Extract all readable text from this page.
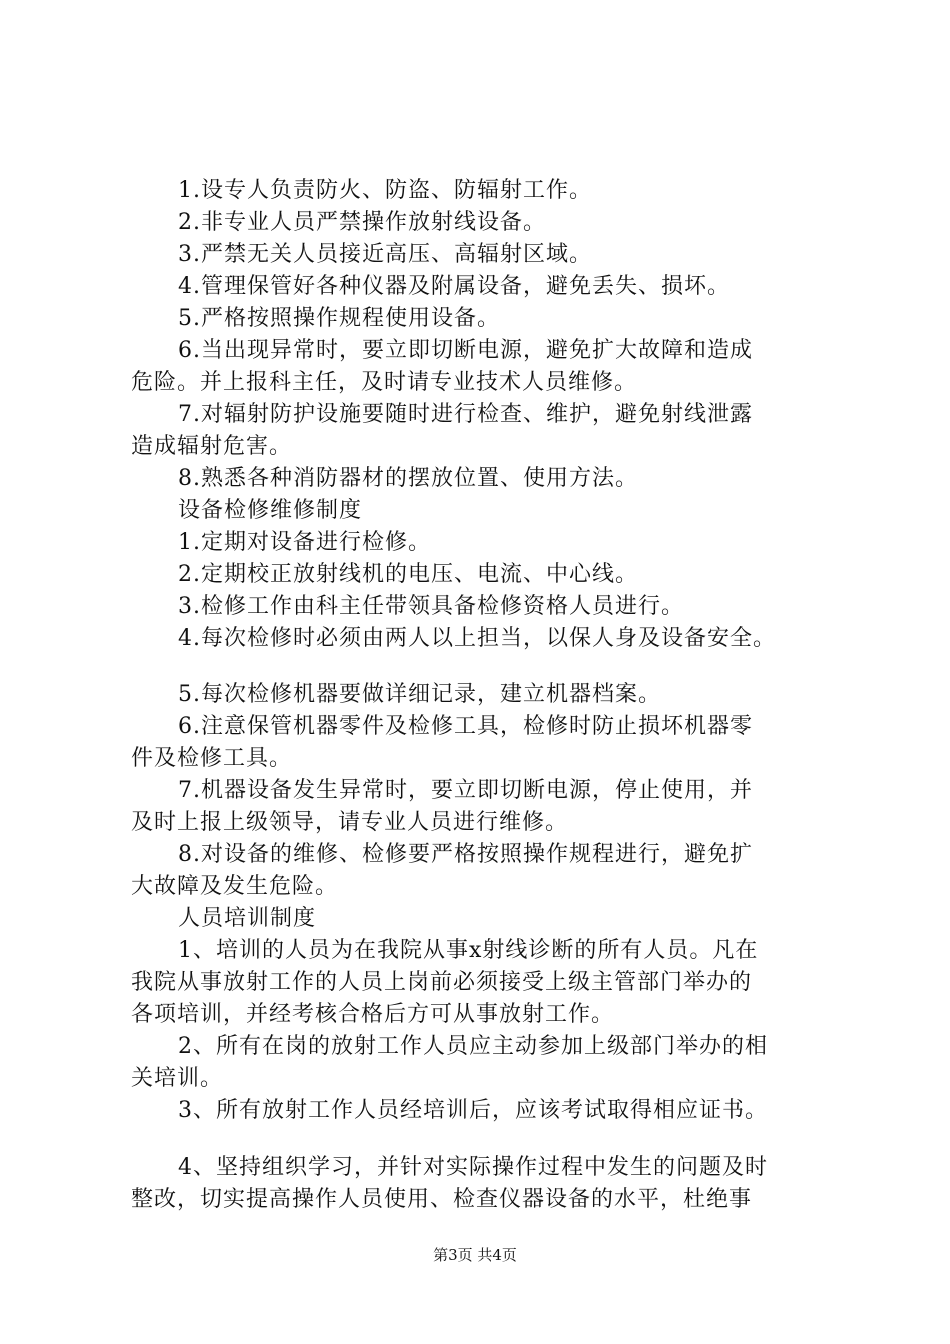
1.设专人负责防火、防盗、防辐射工作。
2.非专业人员严禁操作放射线设备。
3.严禁无关人员接近高压、高辐射区域。
4.管理保管好各种仪器及附属设备，避免丢失、损坏。
5.严格按照操作规程使用设备。
6.当出现异常时，要立即切断电源，避免扩大故障和造成
危险。并上报科主任，及时请专业技术人员维修。
7.对辐射防护设施要随时进行检查、维护，避免射线泄露
造成辐射危害。
8.熟悉各种消防器材的摆放位置、使用方法。
设备检修维修制度
1.定期对设备进行检修。
2.定期校正放射线机的电压、电流、中心线。
3.检修工作由科主任带领具备检修资格人员进行。
4.每次检修时必须由两人以上担当，以保人身及设备安全。
5.每次检修机器要做详细记录，建立机器档案。
6.注意保管机器零件及检修工具，检修时防止损坏机器零
件及检修工具。
7.机器设备发生异常时，要立即切断电源，停止使用，并
及时上报上级领导，请专业人员进行维修。
8.对设备的维修、检修要严格按照操作规程进行，避免扩
大故障及发生危险。
人员培训制度
1、培训的人员为在我院从事x射线诊断的所有人员。凡在
我院从事放射工作的人员上岗前必须接受上级主管部门举办的
各项培训，并经考核合格后方可从事放射工作。
2、所有在岗的放射工作人员应主动参加上级部门举办的相
关培训。
3、所有放射工作人员经培训后，应该考试取得相应证书。
4、坚持组织学习，并针对实际操作过程中发生的问题及时
整改，切实提高操作人员使用、检查仪器设备的水平，杜绝事
第3页 共4页
